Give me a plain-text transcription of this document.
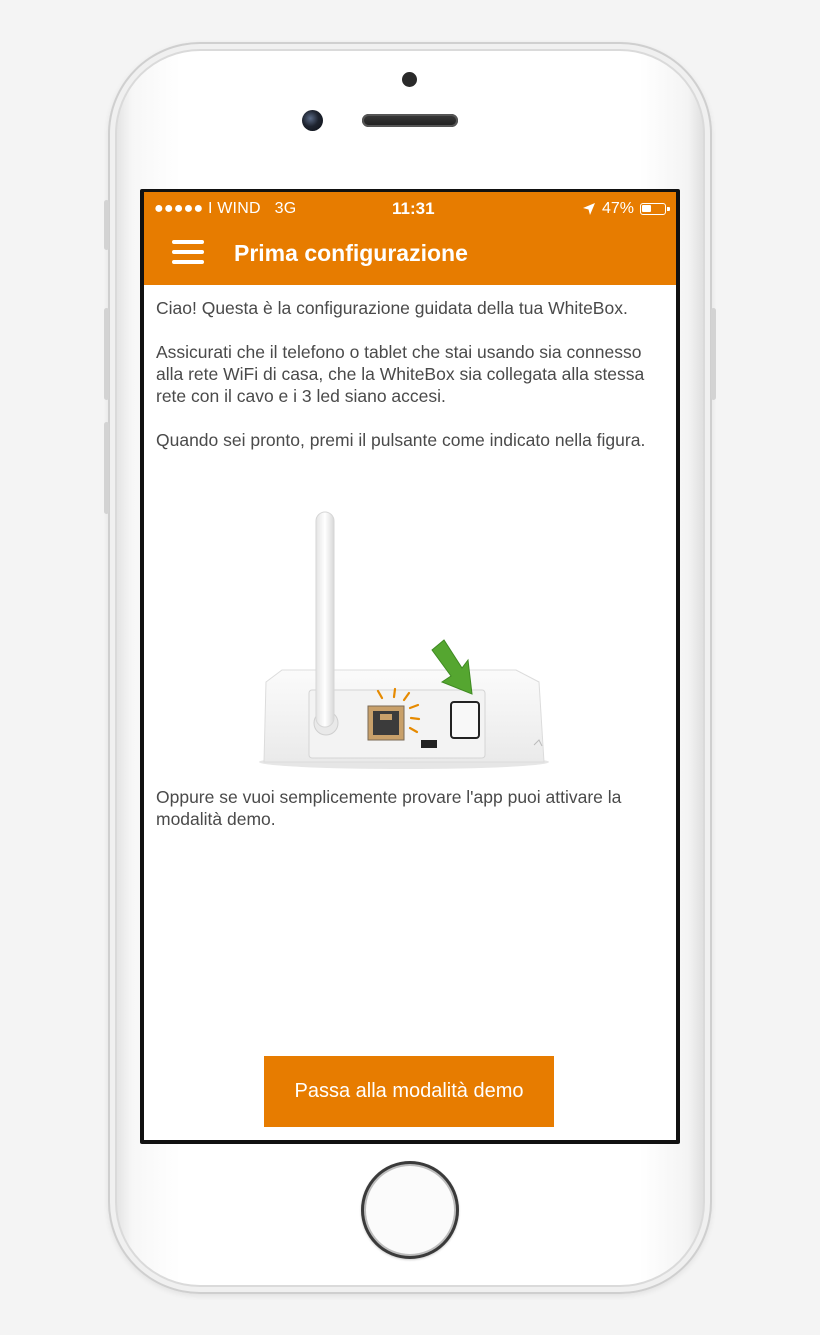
●●●●● I WIND 3G	11:31	47%
Prima configurazione

Ciao! Questa è la configurazione guidata della tua WhiteBox.

Assicurati che il telefono o tablet che stai usando sia connesso alla rete WiFi di casa, che la WhiteBox sia collegata alla stessa rete con il cavo e i 3 led siano accesi.

Quando sei pronto, premi il pulsante come indicato nella figura.

Oppure se vuoi semplicemente provare l'app puoi attivare la modalità demo.

Passa alla modalità demo
